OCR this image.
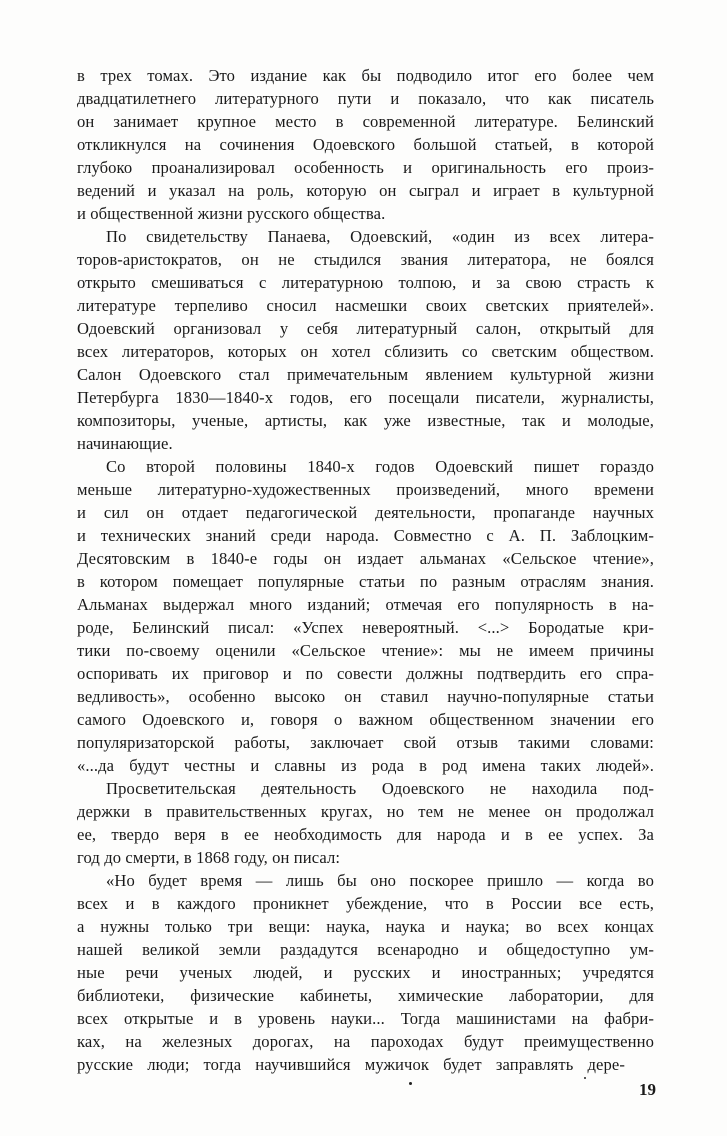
в трех томах. Это издание как бы подводило итог его более чем
двадцатилетнего литературного пути и показало, что как писатель
он занимает крупное место в современной литературе. Белинский
откликнулся на сочинения Одоевского большой статьей, в которой
глубоко проанализировал особенность и оригинальность его произ-
ведений и указал на роль, которую он сыграл и играет в культурной
и общественной жизни русского общества.
По свидетельству Панаева, Одоевский, «один из всех литера-
торов-аристократов, он не стыдился звания литератора, не боялся
открыто смешиваться с литературною толпою, и за свою страсть к
литературе терпеливо сносил насмешки своих светских приятелей».
Одоевский организовал у себя литературный салон, открытый для
всех литераторов, которых он хотел сблизить со светским обществом.
Салон Одоевского стал примечательным явлением культурной жизни
Петербурга 1830—1840-х годов, его посещали писатели, журналисты,
композиторы, ученые, артисты, как уже известные, так и молодые,
начинающие.
Со второй половины 1840-х годов Одоевский пишет гораздо
меньше литературно-художественных произведений, много времени
и сил он отдает педагогической деятельности, пропаганде научных
и технических знаний среди народа. Совместно с А. П. Заблоцким-
Десятовским в 1840-е годы он издает альманах «Сельское чтение»,
в котором помещает популярные статьи по разным отраслям знания.
Альманах выдержал много изданий; отмечая его популярность в на-
роде, Белинский писал: «Успех невероятный. <...> Бородатые кри-
тики по-своему оценили «Сельское чтение»: мы не имеем причины
оспоривать их приговор и по совести должны подтвердить его спра-
ведливость», особенно высоко он ставил научно-популярные статьи
самого Одоевского и, говоря о важном общественном значении его
популяризаторской работы, заключает свой отзыв такими словами:
«...да будут честны и славны из рода в род имена таких людей».
Просветительская деятельность Одоевского не находила под-
держки в правительственных кругах, но тем не менее он продолжал
ее, твердо веря в ее необходимость для народа и в ее успех. За
год до смерти, в 1868 году, он писал:
«Но будет время — лишь бы оно поскорее пришло — когда во
всех и в каждого проникнет убеждение, что в России все есть,
а нужны только три вещи: наука, наука и наука; во всех концах
нашей великой земли раздадутся всенародно и общедоступно ум-
ные речи ученых людей, и русских и иностранных; учредятся
библиотеки, физические кабинеты, химические лаборатории, для
всех открытые и в уровень науки... Тогда машинистами на фабри-
ках, на железных дорогах, на пароходах будут преимущественно
русские люди; тогда научившийся мужичок будет заправлять дере-
19
